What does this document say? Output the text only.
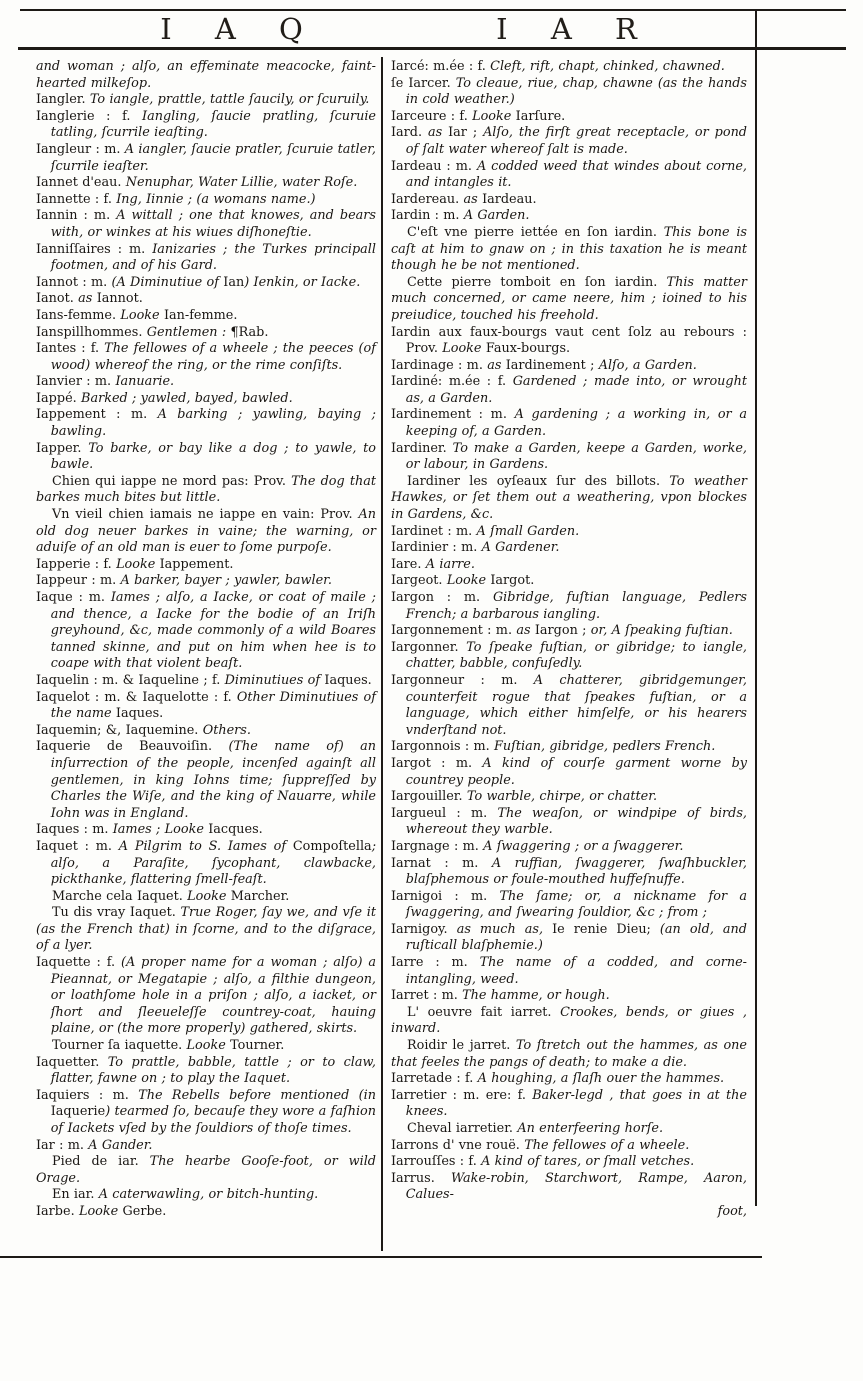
I A Q	I A R

and woman ; alſo, an effeminate meacocke, faint-hearted milkeſop.

Iangler. To iangle, prattle, tattle ſaucily, or ſcuruily.

Ianglerie : f. Iangling, ſaucie pratling, ſcuruie tatling, ſcurrile ieaſting.

Iangleur : m. A iangler, ſaucie pratler, ſcuruie tatler, ſcurrile ieaſter.

Iannet d'eau. Nenuphar, Water Lillie, water Roſe.

Iannette : f. Ing, Iinnie ; (a womans name.)

Iannin : m. A wittall ; one that knowes, and bears with, or winkes at his wiues diſhoneſtie.

Ianniſſaires : m. Ianizaries ; the Turkes principall footmen, and of his Gard.

Iannot : m. (A Diminutiue of Ian) Ienkin, or Iacke.

Ianot. as Iannot.

Ians-femme. Looke Ian-femme.

Ianspillhommes. Gentlemen : ¶Rab.

Iantes : f. The fellowes of a wheele ; the peeces (of wood) whereof the ring, or the rime conſiſts.

Ianvier : m. Ianuarie.

Iappé. Barked ; yawled, bayed, bawled.

Iappement : m. A barking ; yawling, baying ; bawling.

Iapper. To barke, or bay like a dog ; to yawle, to bawle.

Chien qui iappe ne mord pas: Prov. The dog that barkes much bites but little.

Vn vieil chien iamais ne iappe en vain: Prov. An old dog neuer barkes in vaine; the warning, or aduiſe of an old man is euer to ſome purpoſe.

Iapperie : f. Looke Iappement.

Iappeur : m. A barker, bayer ; yawler, bawler.

Iaque : m. Iames ; alſo, a Iacke, or coat of maile ; and thence, a Iacke for the bodie of an Iriſh greyhound, &c, made commonly of a wild Boares tanned skinne, and put on him when hee is to coape with that violent beaſt.

Iaquelin : m. & Iaqueline ; f. Diminutiues of Iaques.

Iaquelot : m. & Iaquelotte : f. Other Diminutiues of the name Iaques.

Iaquemin; &, Iaquemine. Others.

Iaquerie de Beauvoiſin. (The name of) an inſurrection of the people, incenſed againſt all gentlemen, in king Iohns time; ſuppreſſed by Charles the Wiſe, and the king of Nauarre, while Iohn was in England.

Iaques : m. Iames ; Looke Iacques.

Iaquet : m. A Pilgrim to S. Iames of Compoſtella; alſo, a Paraſite, ſycophant, clawbacke, pickthanke, flattering ſmell-feaſt.

Marche cela Iaquet. Looke Marcher.

Tu dis vray Iaquet. True Roger, ſay we, and vſe it (as the French that) in ſcorne, and to the diſgrace, of a lyer.

Iaquette : f. (A proper name for a woman ; alſo) a Pieannat, or Megatapie ; alſo, a filthie dungeon, or loathſome hole in a priſon ; alſo, a iacket, or ſhort and ſleeueleſſe countrey-coat, hauing plaine, or (the more properly) gathered, skirts.

Tourner ſa iaquette. Looke Tourner.

Iaquetter. To prattle, babble, tattle ; or to claw, flatter, fawne on ; to play the Iaquet.

Iaquiers : m. The Rebells before mentioned (in Iaquerie) tearmed ſo, becauſe they wore a faſhion of Iackets vſed by the ſouldiors of thoſe times.

Iar : m. A Gander.

Pied de iar. The hearbe Gooſe-foot, or wild Orage.

En iar. A caterwawling, or bitch-hunting.

Iarbe. Looke Gerbe.

Iarcé: m.ée : f. Cleft, rift, chapt, chinked, chawned.

ſe Iarcer. To cleaue, riue, chap, chawne (as the hands in cold weather.)

Iarceure : f. Looke Iarſure.

Iard. as Iar ; Alſo, the firſt great receptacle, or pond of ſalt water whereof ſalt is made.

Iardeau : m. A codded weed that windes about corne, and intangles it.

Iardereau. as Iardeau.

Iardin : m. A Garden.

C'eſt vne pierre iettée en ſon iardin. This bone is caſt at him to gnaw on ; in this taxation he is meant though he be not mentioned.

Cette pierre tomboit en ſon iardin. This matter much concerned, or came neere, him ; ioined to his preiudice, touched his freehold.

Iardin aux faux-bourgs vaut cent ſolz au rebours : Prov. Looke Faux-bourgs.

Iardinage : m. as Iardinement ; Alſo, a Garden.

Iardiné: m.ée : f. Gardened ; made into, or wrought as, a Garden.

Iardinement : m. A gardening ; a working in, or a keeping of, a Garden.

Iardiner. To make a Garden, keepe a Garden, worke, or labour, in Gardens.

Iardiner les oyſeaux ſur des billots. To weather Hawkes, or ſet them out a weathering, vpon blockes in Gardens, &c.

Iardinet : m. A ſmall Garden.

Iardinier : m. A Gardener.

Iare. A iarre.

Iargeot. Looke Iargot.

Iargon : m. Gibridge, fuſtian language, Pedlers French; a barbarous iangling.

Iargonnement : m. as Iargon ; or, A ſpeaking fuſtian.

Iargonner. To ſpeake fuſtian, or gibridge; to iangle, chatter, babble, confuſedly.

Iargonneur : m. A chatterer, gibridgemunger, counterfeit rogue that ſpeakes fuſtian, or a language, which either himſelfe, or his hearers vnderſtand not.

Iargonnois : m. Fuſtian, gibridge, pedlers French.

Iargot : m. A kind of courſe garment worne by countrey people.

Iargouiller. To warble, chirpe, or chatter.

Iargueul : m. The weaſon, or windpipe of birds, whereout they warble.

Iargnage : m. A ſwaggering ; or a ſwaggerer.

Iarnat : m. A ruffian, ſwaggerer, ſwaſhbuckler, blaſphemous or foule-mouthed huffeſnuffe.

Iarnigoi : m. The ſame; or, a nickname for a ſwaggering, and ſwearing ſouldior, &c ; from ;

Iarnigoy. as much as, Ie renie Dieu; (an old, and ruſticall blaſphemie.)

Iarre : m. The name of a codded, and corne-intangling, weed.

Iarret : m. The hamme, or hough.

L' oeuvre fait iarret. Crookes, bends, or giues , inward.

Roidir le jarret. To ſtretch out the hammes, as one that feeles the pangs of death; to make a die.

Iarretade : f. A houghing, a ſlaſh ouer the hammes.

Iarretier : m. ere: f. Baker-legd , that goes in at the knees.

Cheval iarretier. An enterfeering horſe.

Iarrons d' vne rouë. The fellowes of a wheele.

Iarrouſſes : f. A kind of tares, or ſmall vetches.

Iarrus. Wake-robin, Starchwort, Rampe, Aaron, Calues-

foot,
